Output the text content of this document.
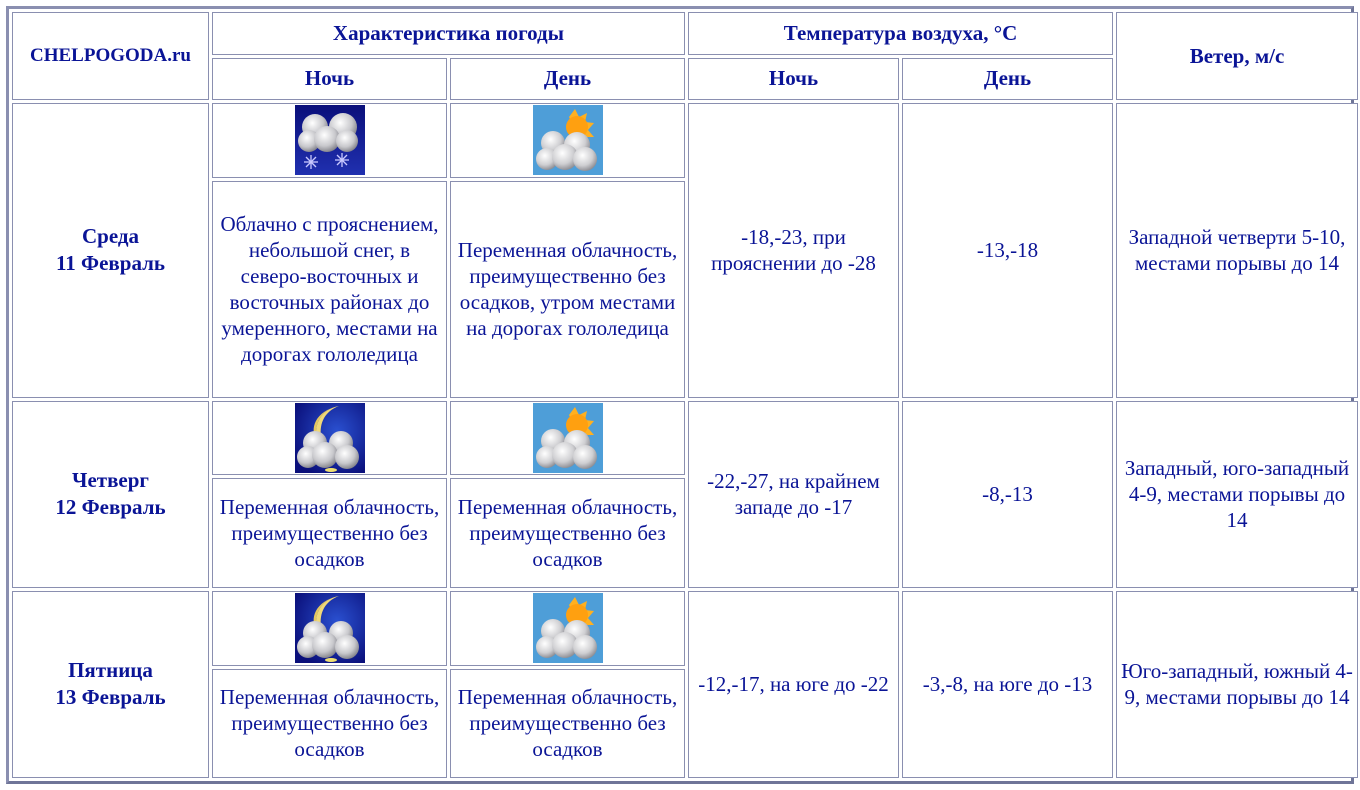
CHELPOGODA.ru	Характеристика погоды		Температура воздуха, °C		Ветер, м/с
	Ночь	День	Ночь	День	
Среда
11 Февраль			-18,-23, при прояснении до -28	-13,-18	Западной четверти 5-10, местами порывы до 14
	Облачно с прояснением, небольшой снег, в северо-восточных и восточных районах до умеренного, местами на дорогах гололедица	Переменная облачность, преимущественно без осадков, утром местами на дорогах гололедица			
Четверг
12 Февраль			-22,-27, на крайнем западе до -17	-8,-13	Западный, юго-западный 4-9, местами порывы до 14
	Переменная облачность, преимущественно без осадков	Переменная облачность, преимущественно без осадков			
Пятница
13 Февраль			-12,-17, на юге до -22	-3,-8, на юге до -13	Юго-западный, южный 4-9, местами порывы до 14
	Переменная облачность, преимущественно без осадков	Переменная облачность, преимущественно без осадков			
